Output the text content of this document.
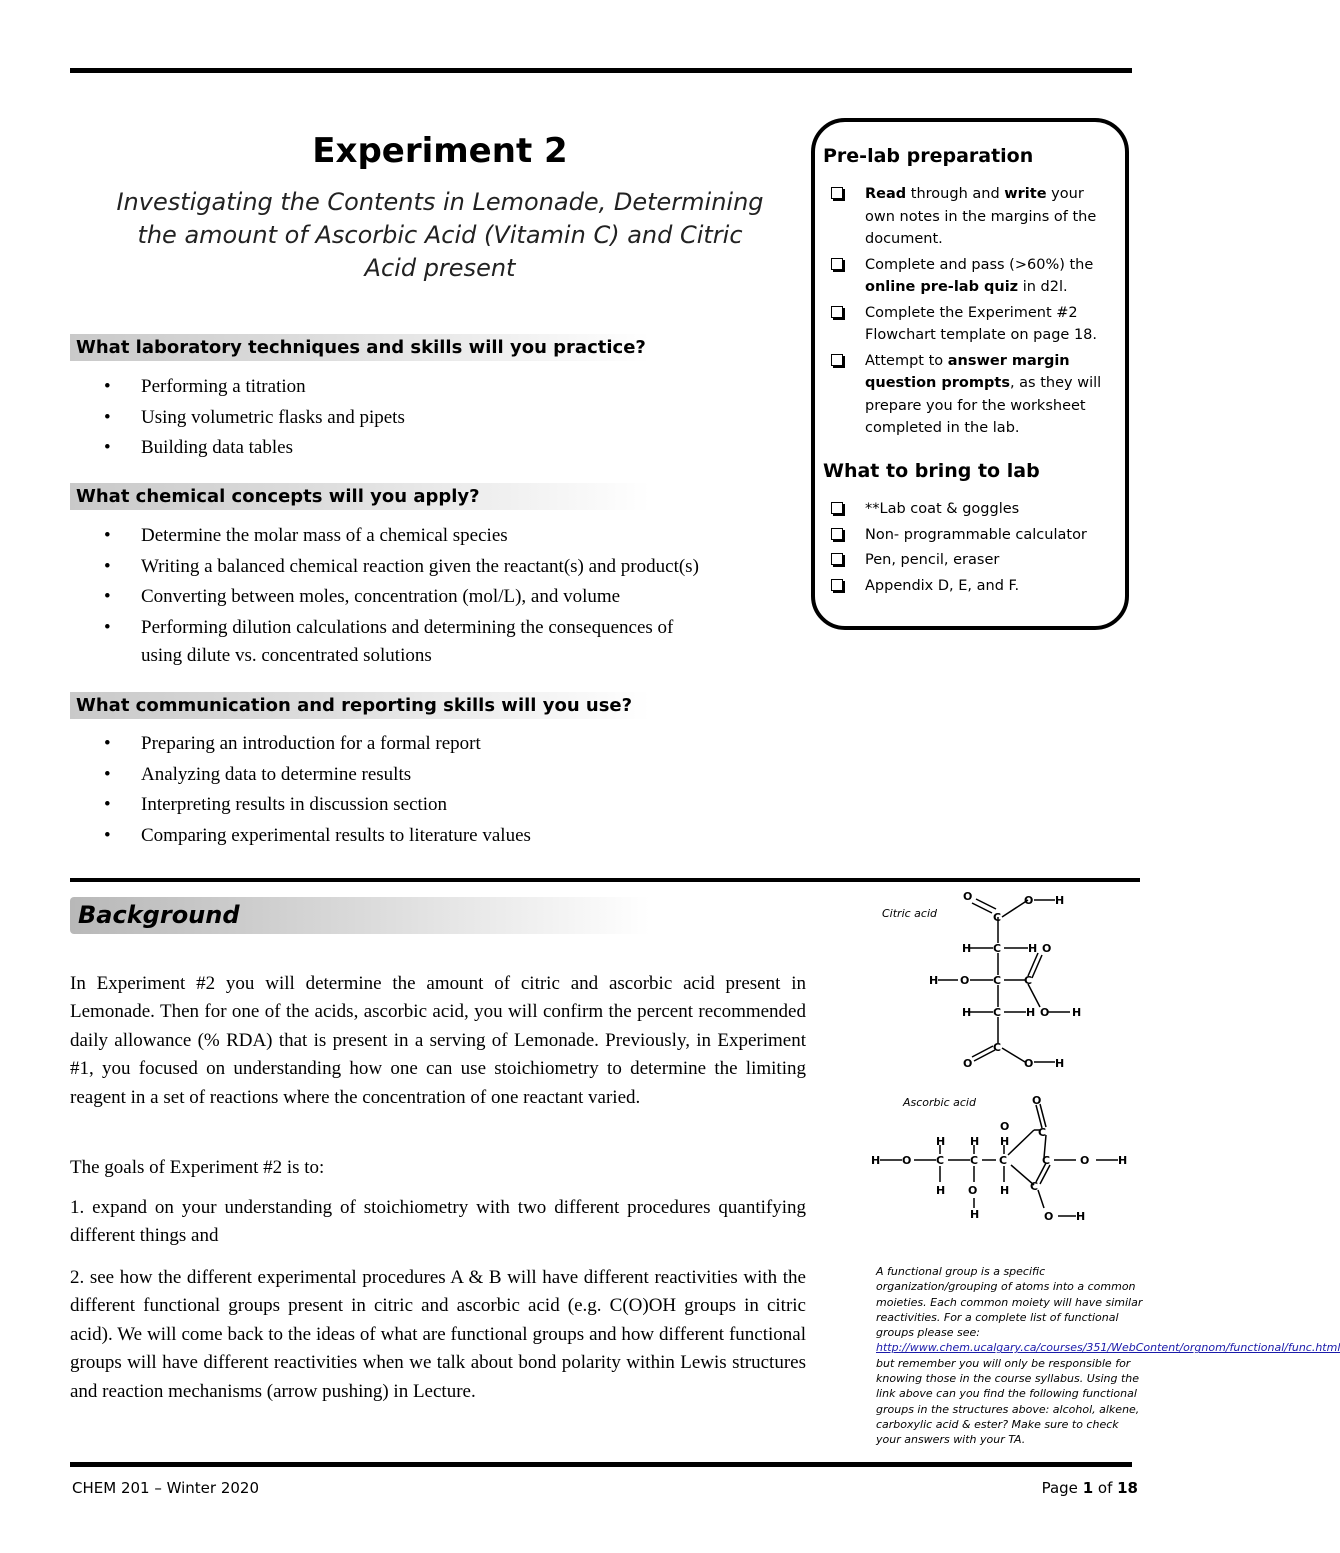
Experiment 2
Investigating the Contents in Lemonade, Determining
the amount of Ascorbic Acid (Vitamin C) and Citric
Acid present
What laboratory techniques and skills will you practice?
• Performing a titration
• Using volumetric flasks and pipets
• Building data tables
What chemical concepts will you apply?
• Determine the molar mass of a chemical species
• Writing a balanced chemical reaction given the reactant(s) and product(s)
• Converting between moles, concentration (mol/L), and volume
• Performing dilution calculations and determining the consequences of
using dilute vs. concentrated solutions
What communication and reporting skills will you use?
• Preparing an introduction for a formal report
• Analyzing data to determine results
• Interpreting results in discussion section
• Comparing experimental results to literature values
Pre-lab preparation
Read through and write your own notes in the margins of the document.
Complete and pass (>60%) the online pre-lab quiz in d2l.
Complete the Experiment #2 Flowchart template on page 18.
Attempt to answer margin question prompts, as they will prepare you for the worksheet completed in the lab.
What to bring to lab
**Lab coat & goggles
Non- programmable calculator
Pen, pencil, eraser
Appendix D, E, and F.
Background

In Experiment #2 you will determine the amount of citric and ascorbic acid present in Lemonade. Then for one of the acids, ascorbic acid, you will confirm the percent recommended daily allowance (% RDA) that is present in a serving of Lemonade. Previously, in Experiment #1, you focused on understanding how one can use stoichiometry to determine the limiting reagent in a set of reactions where the concentration of one reactant varied.

The goals of Experiment #2 is to:

1. expand on your understanding of stoichiometry with two different procedures quantifying different things and

2. see how the different experimental procedures A & B will have different reactivities with the different functional groups present in citric and ascorbic acid (e.g. C(O)OH groups in citric acid). We will come back to the ideas of what are functional groups and how different functional groups will have different reactivities when we talk about bond polarity within Lewis structures and reaction mechanisms (arrow pushing) in Lecture.

Citric acid
Ascorbic acid
C
O	O H
H C H O
H O C C
H C H O H
C
O	O H
H O C C C
H H H
H O
H
H
O
O
C
C
C
O	H
O H
A functional group is a specific organization/grouping of atoms into a common moieties. Each common moiety will have similar reactivities. For a complete list of functional groups please see: http://www.chem.ucalgary.ca/courses/351/WebContent/orgnom/functional/func.html but remember you will only be responsible for knowing those in the course syllabus. Using the link above can you find the following functional groups in the structures above: alcohol, alkene, carboxylic acid & ester? Make sure to check your answers with your TA.
CHEM 201 – Winter 2020	Page 1 of 18
